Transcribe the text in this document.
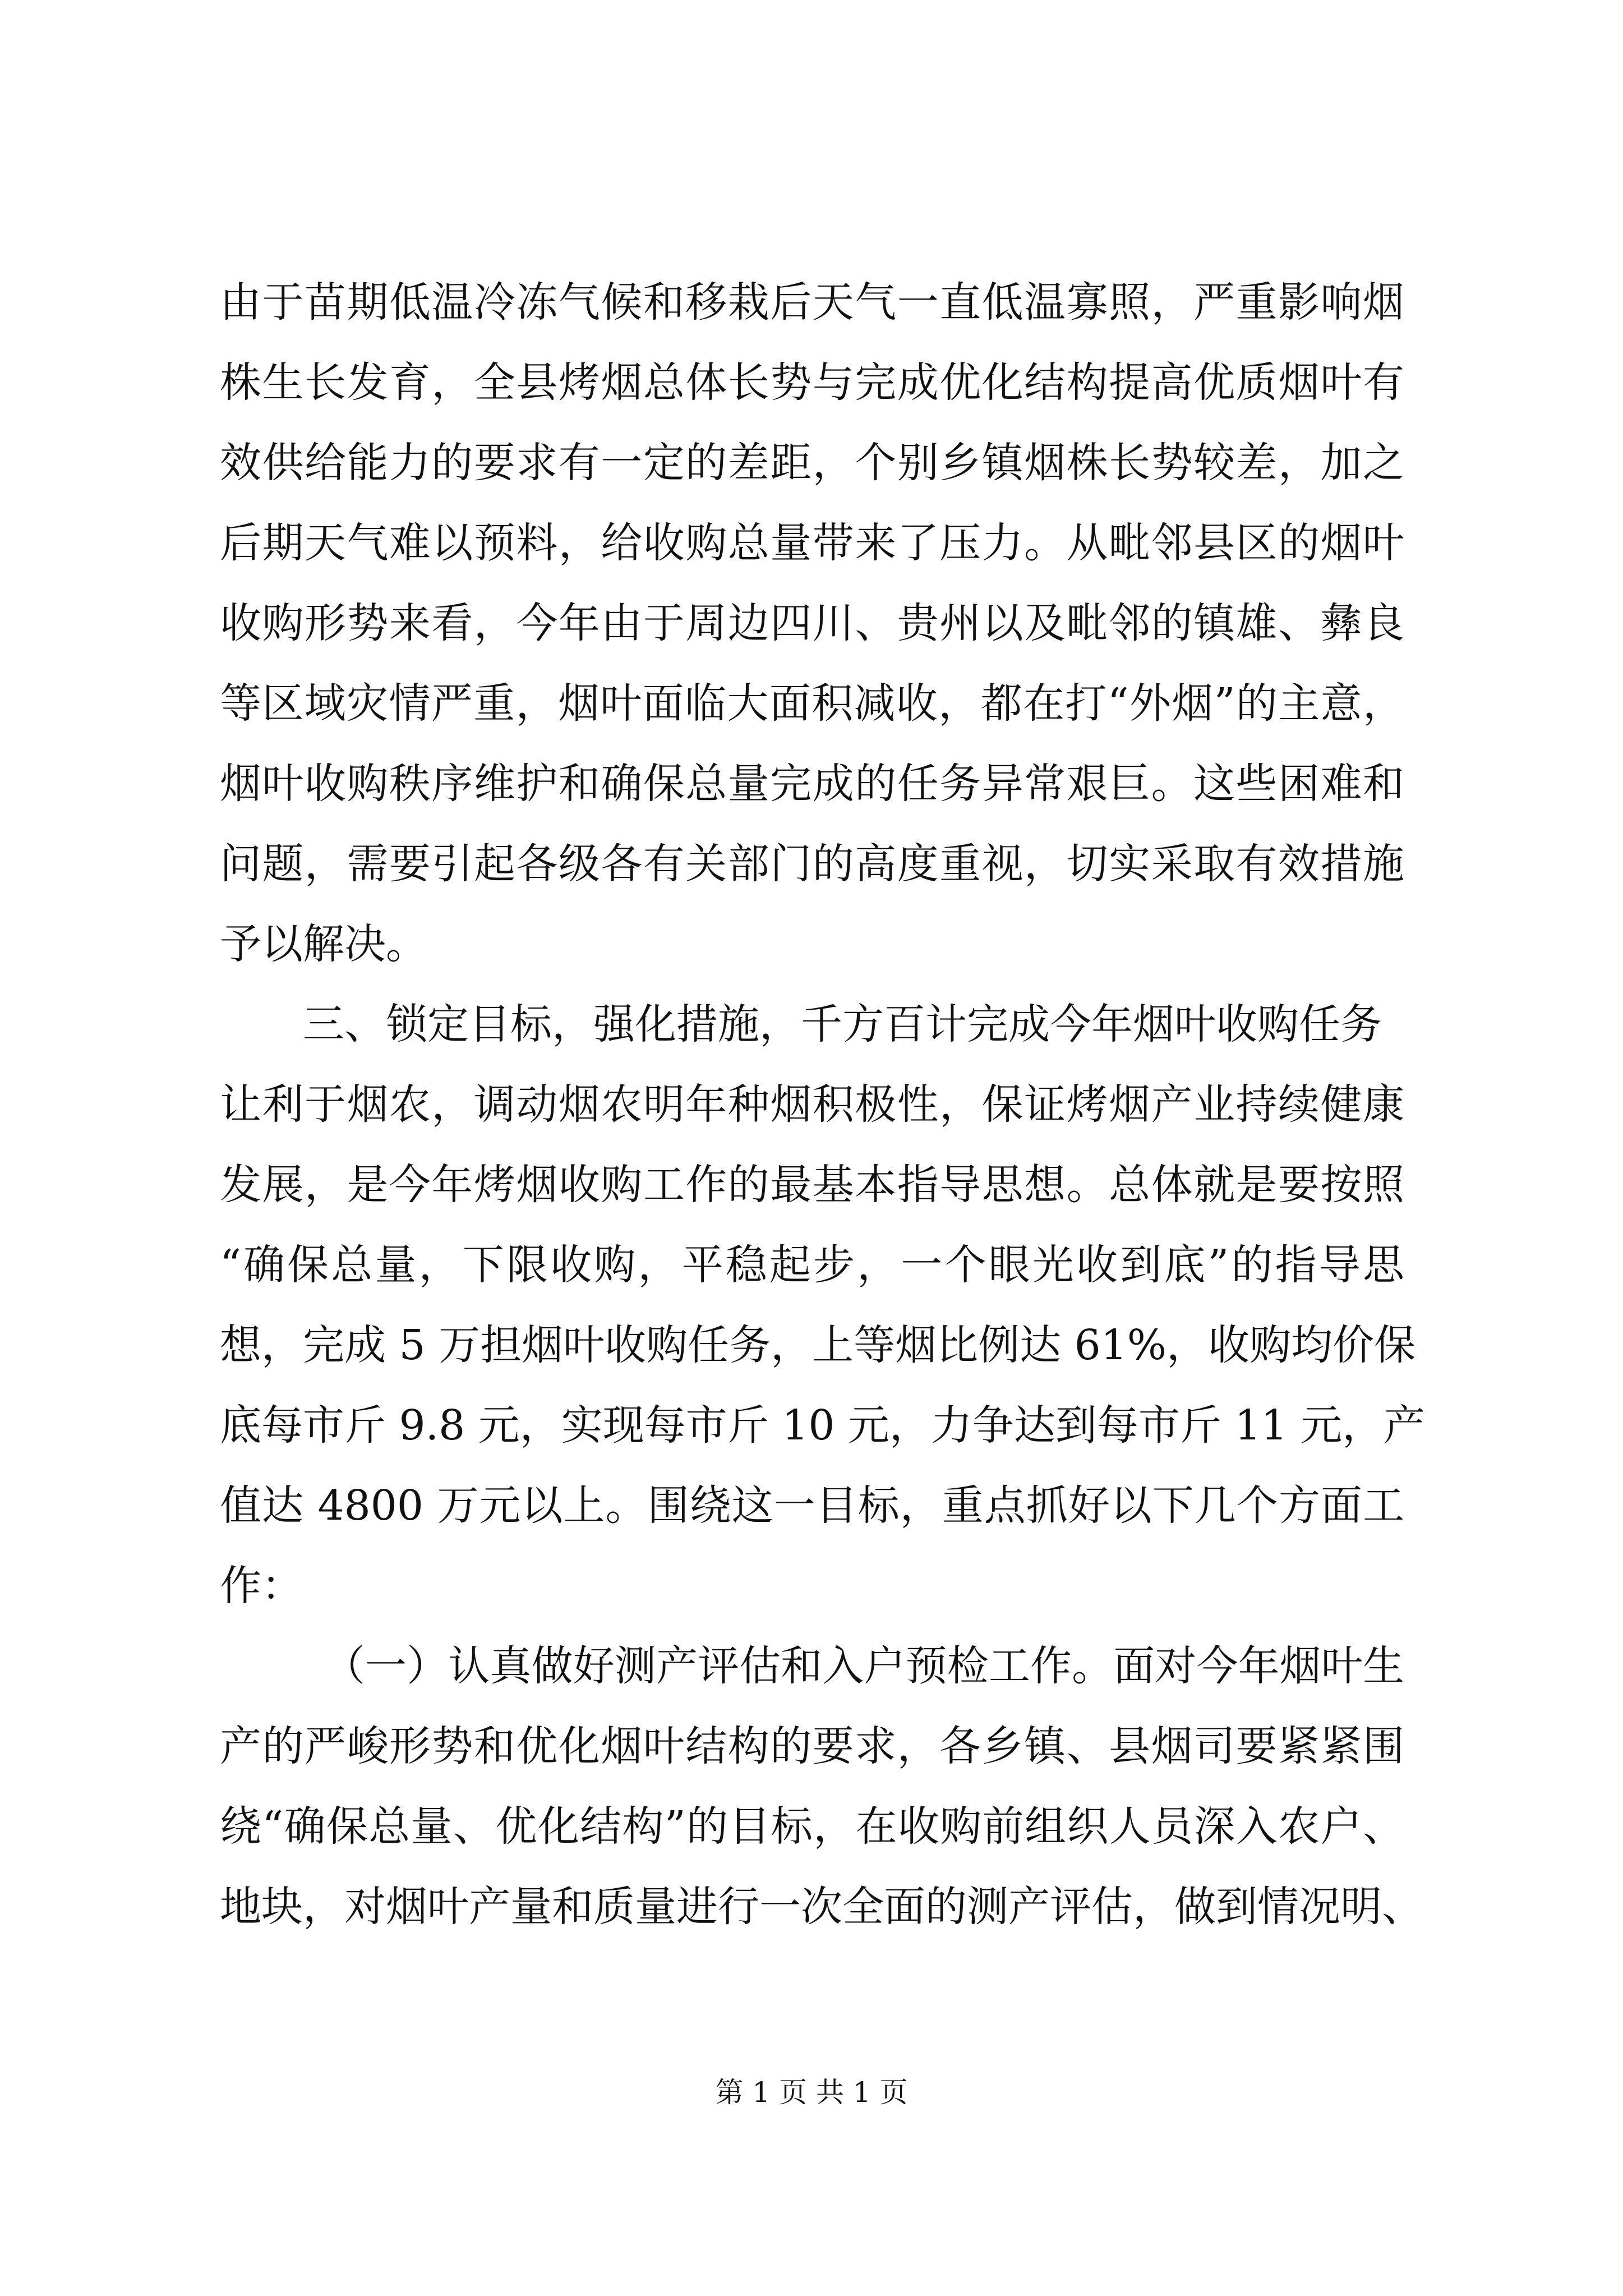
由于苗期低温冷冻气候和移栽后天气一直低温寡照，严重影响烟
株生长发育，全县烤烟总体长势与完成优化结构提高优质烟叶有
效供给能力的要求有一定的差距，个别乡镇烟株长势较差，加之
后期天气难以预料，给收购总量带来了压力。从毗邻县区的烟叶
收购形势来看，今年由于周边四川、贵州以及毗邻的镇雄、彝良
等区域灾情严重，烟叶面临大面积减收，都在打“外烟”的主意，
烟叶收购秩序维护和确保总量完成的任务异常艰巨。这些困难和
问题，需要引起各级各有关部门的高度重视，切实采取有效措施
予以解决。
三、锁定目标，强化措施，千方百计完成今年烟叶收购任务
让利于烟农，调动烟农明年种烟积极性，保证烤烟产业持续健康
发展，是今年烤烟收购工作的最基本指导思想。总体就是要按照
“确保总量，下限收购，平稳起步，一个眼光收到底”的指导思
想，完成 5 万担烟叶收购任务，上等烟比例达 61%，收购均价保
底每市斤 9.8 元，实现每市斤 10 元，力争达到每市斤 11 元，产
值达 4800 万元以上。围绕这一目标，重点抓好以下几个方面工
作：
（一）认真做好测产评估和入户预检工作。面对今年烟叶生
产的严峻形势和优化烟叶结构的要求，各乡镇、县烟司要紧紧围
绕“确保总量、优化结构”的目标，在收购前组织人员深入农户、
地块，对烟叶产量和质量进行一次全面的测产评估，做到情况明、
第 1 页 共 1 页
